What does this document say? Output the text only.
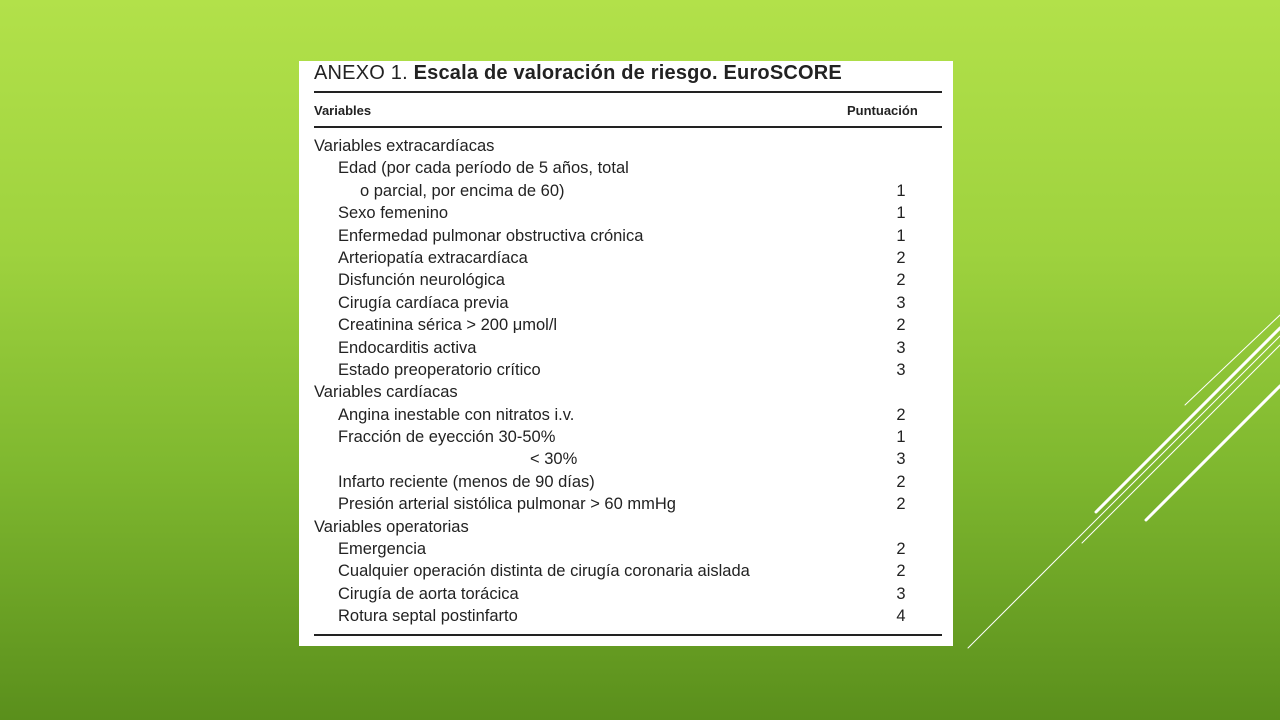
ANEXO 1. Escala de valoración de riesgo. EuroSCORE
Variables	Puntuación
Variables extracardíacas
Edad (por cada período de 5 años, total
o parcial, por encima de 60)	1
Sexo femenino	1
Enfermedad pulmonar obstructiva crónica	1
Arteriopatía extracardíaca	2
Disfunción neurológica	2
Cirugía cardíaca previa	3
Creatinina sérica > 200 μmol/l	2
Endocarditis activa	3
Estado preoperatorio crítico	3
Variables cardíacas
Angina inestable con nitratos i.v.	2
Fracción de eyección 30-50%	1
< 30%	3
Infarto reciente (menos de 90 días)	2
Presión arterial sistólica pulmonar > 60 mmHg	2
Variables operatorias
Emergencia	2
Cualquier operación distinta de cirugía coronaria aislada	2
Cirugía de aorta torácica	3
Rotura septal postinfarto	4
